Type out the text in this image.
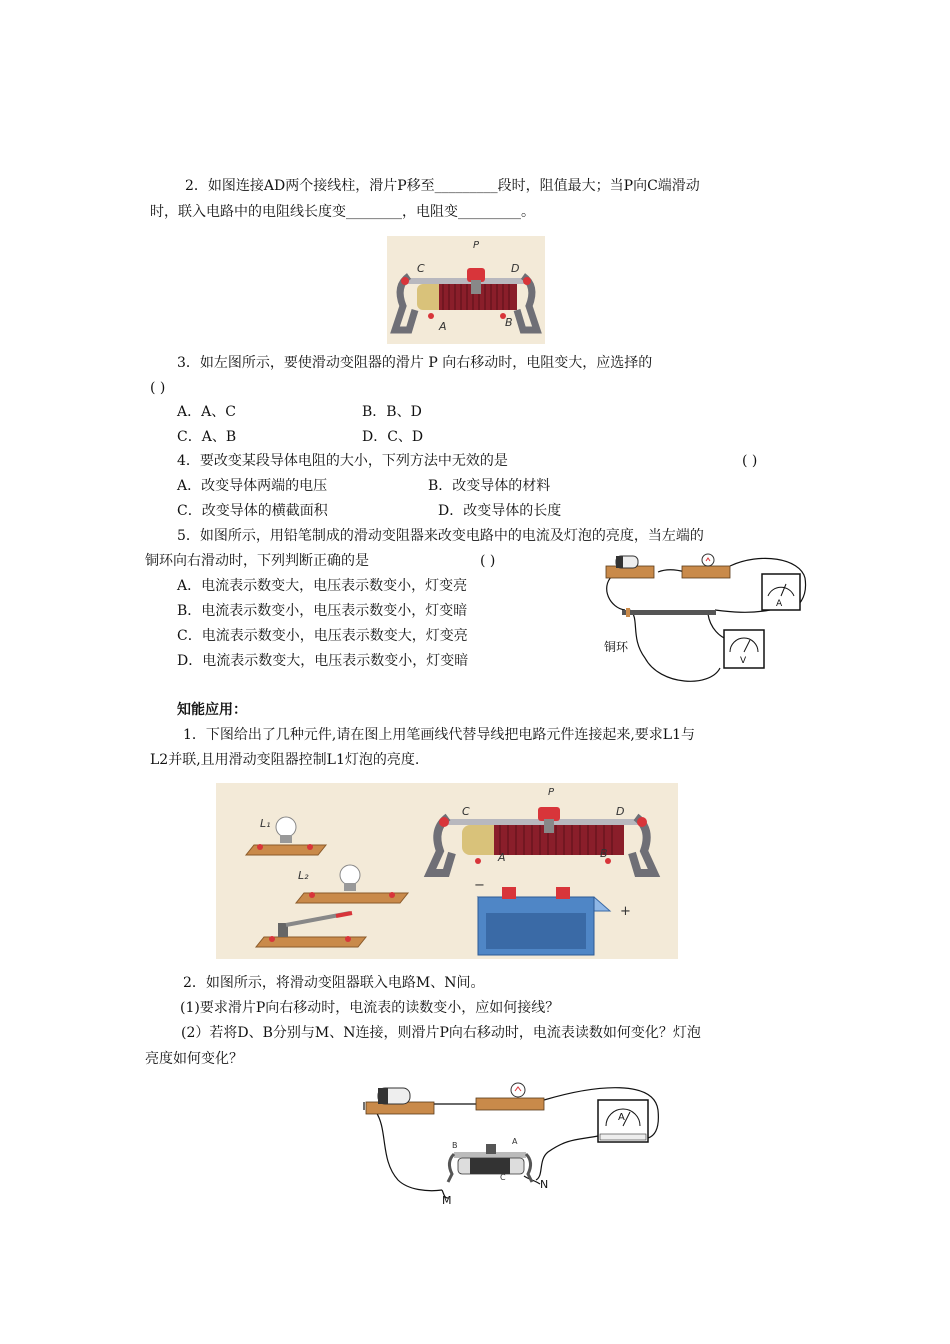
2．如图连接AD两个接线柱，滑片P移至_________段时，阻值最大；当P向C端滑动
时，联入电路中的电阻线长度变________，电阻变_________。
P
C	D
A	B
3．如左图所示，要使滑动变阻器的滑片 P 向右移动时，电阻变大，应选择的
( )
A．A、C	B．B、D
C．A、B	D．C、D
4．要改变某段导体电阻的大小，下列方法中无效的是	( )
A．改变导体两端的电压	B．改变导体的材料
C．改变导体的横截面积	D．改变导体的长度
5．如图所示，用铅笔制成的滑动变阻器来改变电路中的电流及灯泡的亮度，当左端的
铜环向右滑动时，下列判断正确的是	( )
A．电流表示数变大，电压表示数变小，灯变亮
B．电流表示数变小，电压表示数变小，灯变暗
C．电流表示数变小，电压表示数变大，灯变亮
D．电流表示数变大，电压表示数变小，灯变暗
A
铜环
V
知能应用：
1．下图给出了几种元件,请在图上用笔画线代替导线把电路元件连接起来,要求L1与
L2并联,且用滑动变阻器控制L1灯泡的亮度.
L₁
L₂
P
C	D
A	B
−
+
2．如图所示，将滑动变阻器联入电路M、N间。
(1)要求滑片P向右移动时，电流表的读数变小，应如何接线？
(2）若将D、B分别与M、N连接，则滑片P向右移动时，电流表读数如何变化？灯泡
亮度如何变化？
A
B	A
C
M
N
